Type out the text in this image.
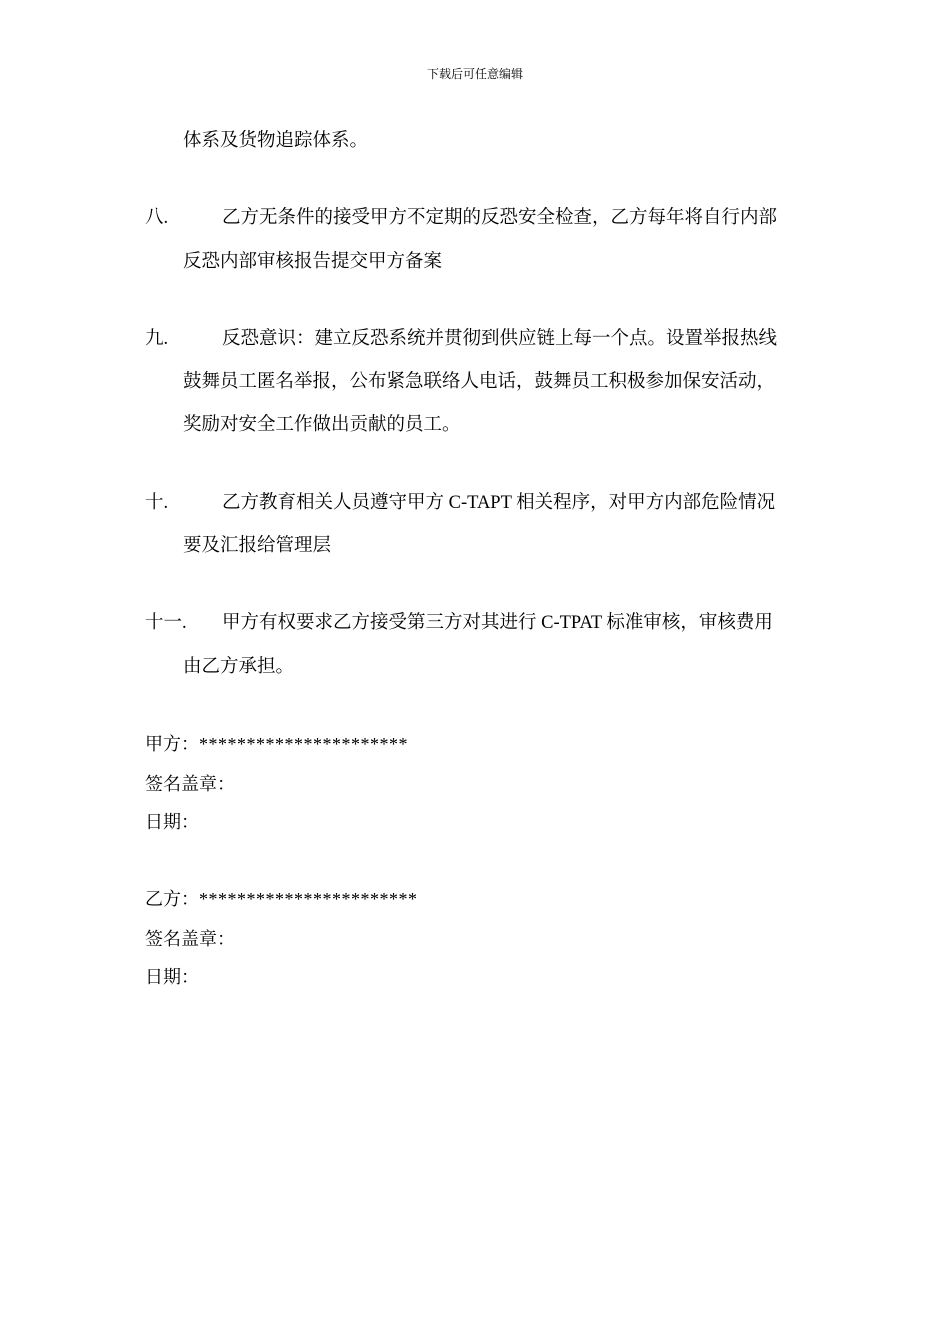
下载后可任意编辑
体系及货物追踪体系。
八.	乙方无条件的接受甲方不定期的反恐安全检查，乙方每年将自行内部
反恐内部审核报告提交甲方备案
九.	反恐意识：建立反恐系统并贯彻到供应链上每一个点。设置举报热线
鼓舞员工匿名举报，公布紧急联络人电话，鼓舞员工积极参加保安活动，
奖励对安全工作做出贡献的员工。
十.	乙方教育相关人员遵守甲方 C-TAPT 相关程序，对甲方内部危险情况
要及汇报给管理层
十一. 甲方有权要求乙方接受第三方对其进行 C-TPAT 标准审核，审核费用
由乙方承担。
甲方：**********************
签名盖章：
日期：
乙方：***********************
签名盖章：
日期：
